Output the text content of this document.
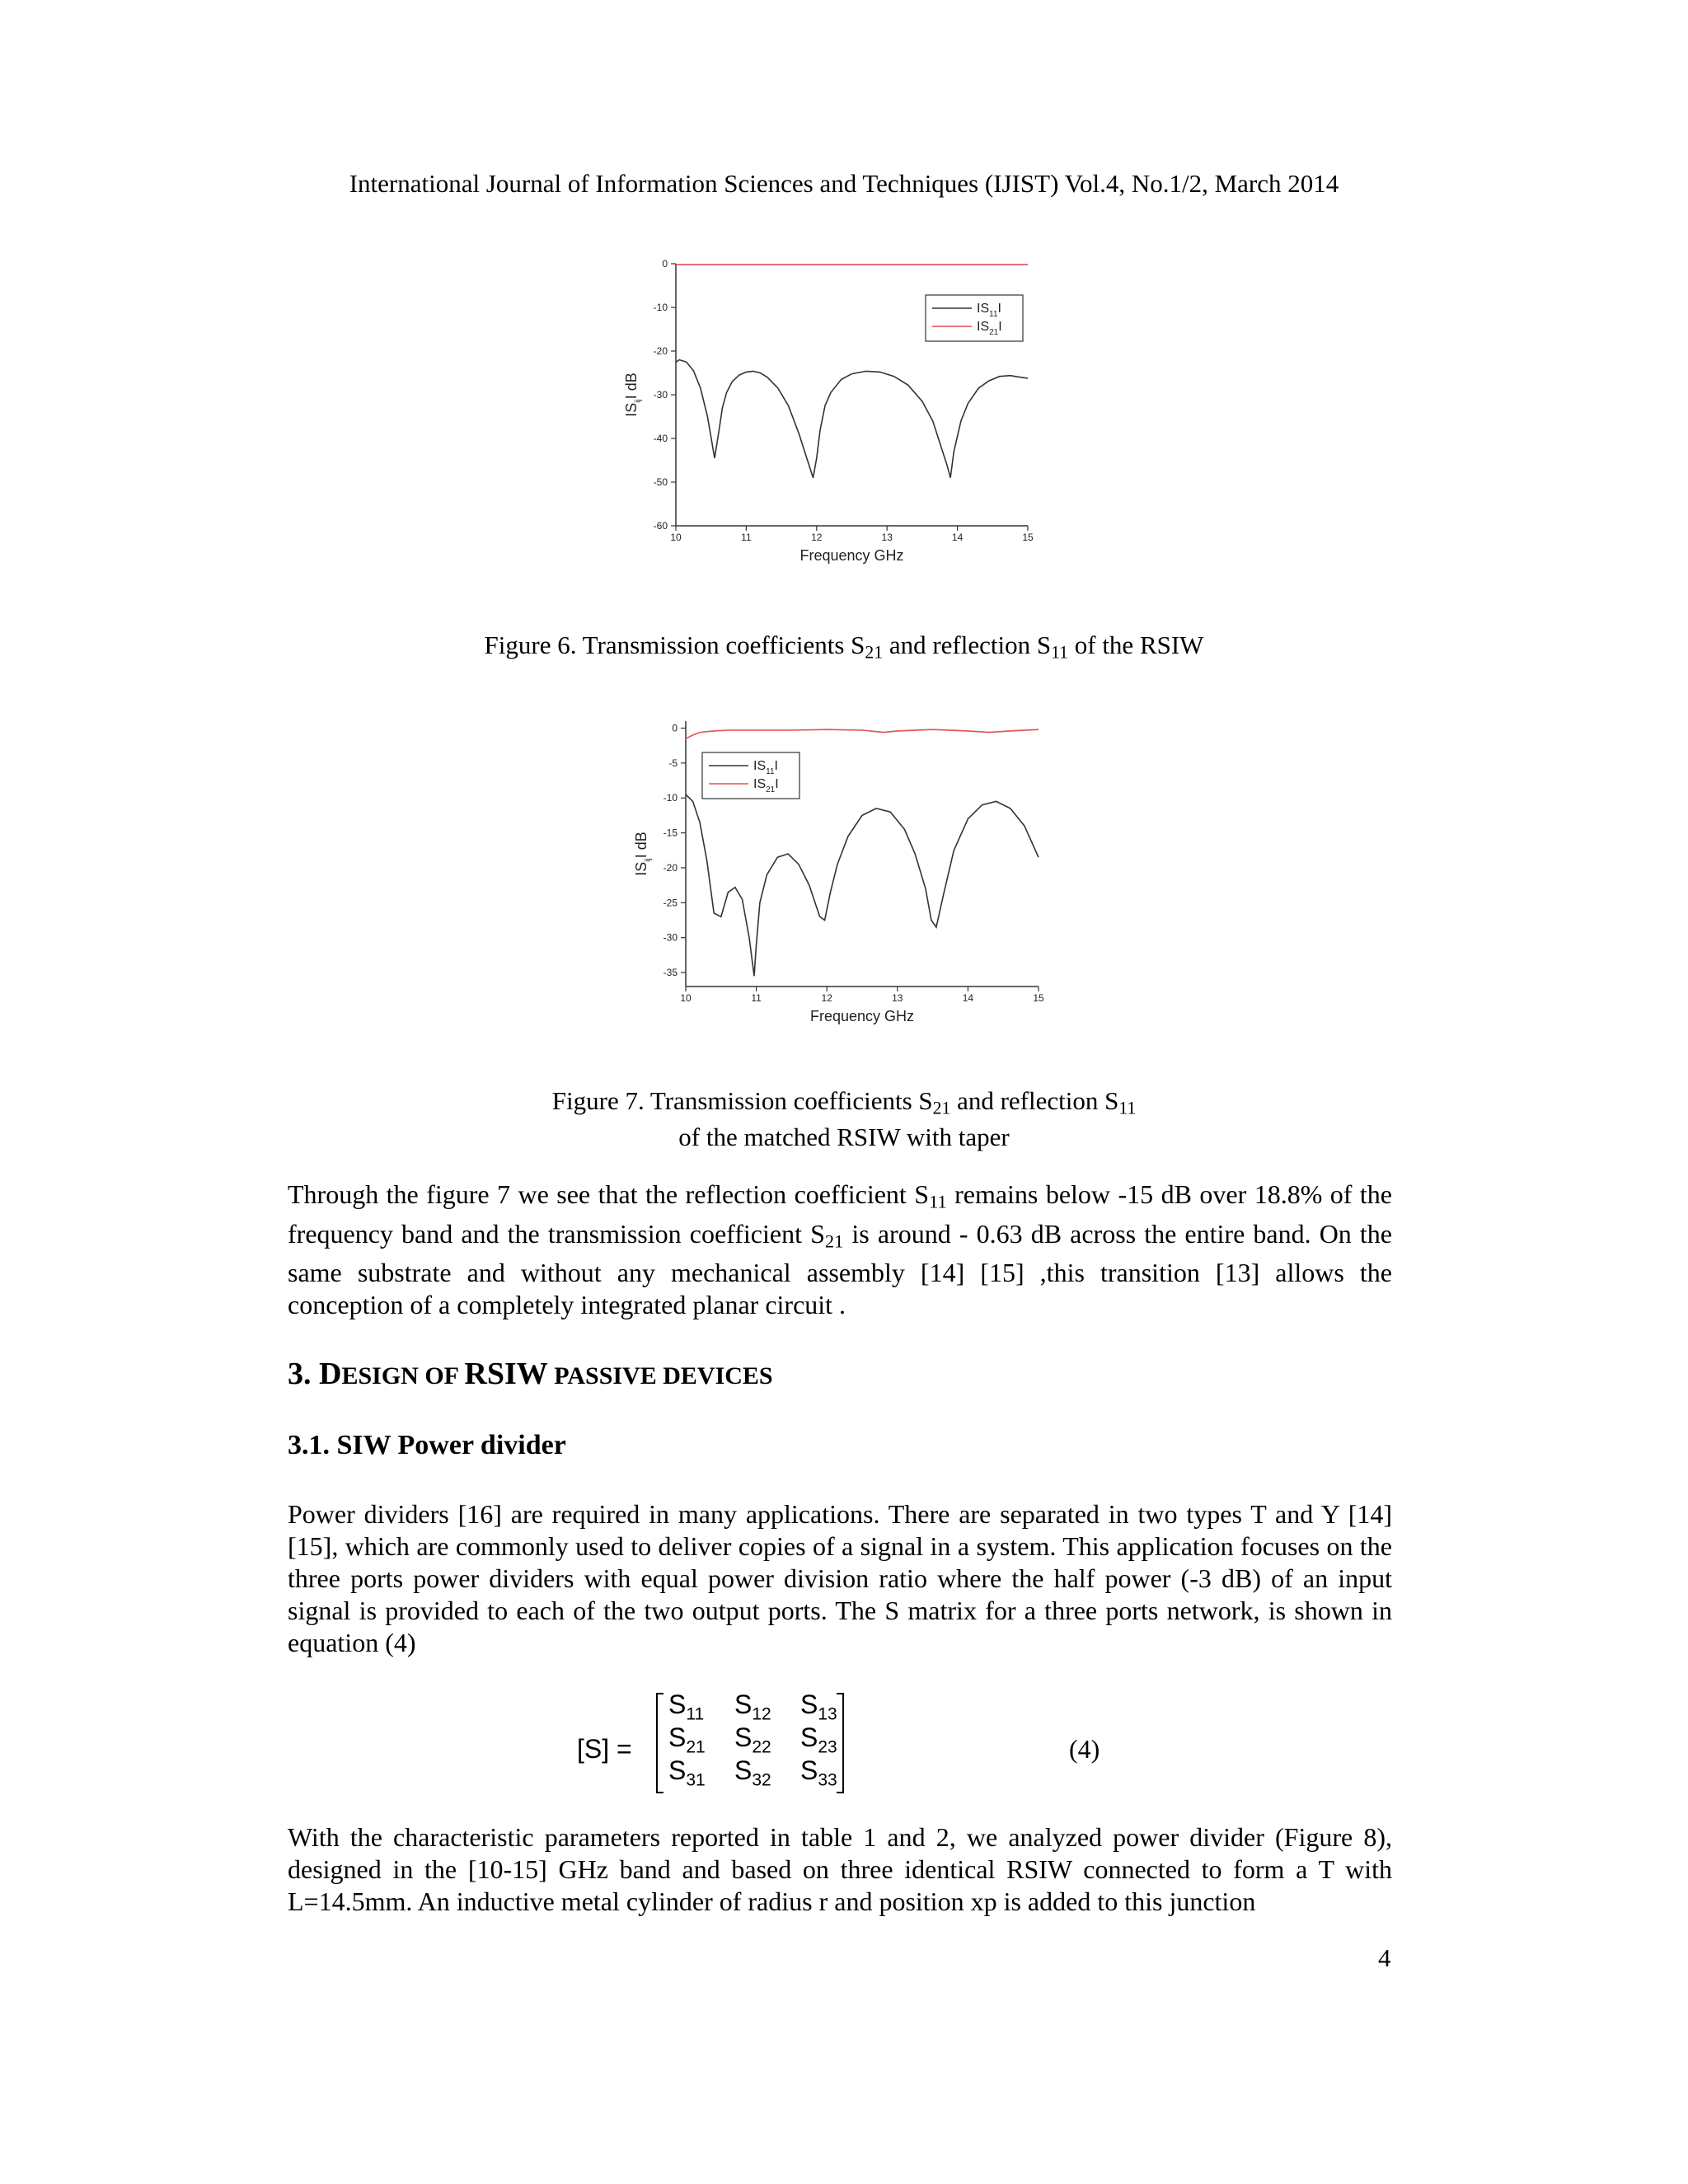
International Journal of Information Sciences and Techniques (IJIST) Vol.4, No.1/2, March 2014
0
-10
-20
-30
-40
-50
-60
10	11	12	13	14	15
Frequency GHz
$IS_{ij}I$ dB
$IS_{11}I$
$IS_{21}I$
Figure 6. Transmission coefficients $S_{21}$ and reflection $S_{11}$ of the RSIW
0
-5
-10
-15
-20
-25
-30
-35
10	11	12	13	14	15
Frequency GHz
$IS_{ij}I$ dB
$IS_{11}I$
$IS_{21}I$
Figure 7. Transmission coefficients $S_{21}$ and reflection $S_{11}$
of the matched RSIW with taper

Through the figure 7 we see that the reflection coefficient $S_{11}$ remains below -15 dB over 18.8% of the frequency band and the transmission coefficient $S_{21}$ is around - 0.63 dB across the entire band. On the same substrate and without any mechanical assembly [14] [15] ,this transition [13] allows the conception of a completely integrated planar circuit .

3. DESIGN OF RSIW PASSIVE DEVICES
3.1. SIW Power divider

Power dividers [16] are required in many applications. There are separated in two types T and Y [14] [15], which are commonly used to deliver copies of a signal in a system. This application focuses on the three ports power dividers with equal power division ratio where the half power (-3 dB) of an input signal is provided to each of the two output ports. The S matrix for a three ports network, is shown in equation (4)

[S] =
$S_{11}$ $S_{12}$ $S_{13}$
$S_{21}$ $S_{22}$ $S_{23}$
$S_{31}$ $S_{32}$ $S_{33}$
(4)

With the characteristic parameters reported in table 1 and 2, we analyzed power divider (Figure 8), designed in the [10-15] GHz band and based on three identical RSIW connected to form a T with L=14.5mm. An inductive metal cylinder of radius r and position xp is added to this junction

4
